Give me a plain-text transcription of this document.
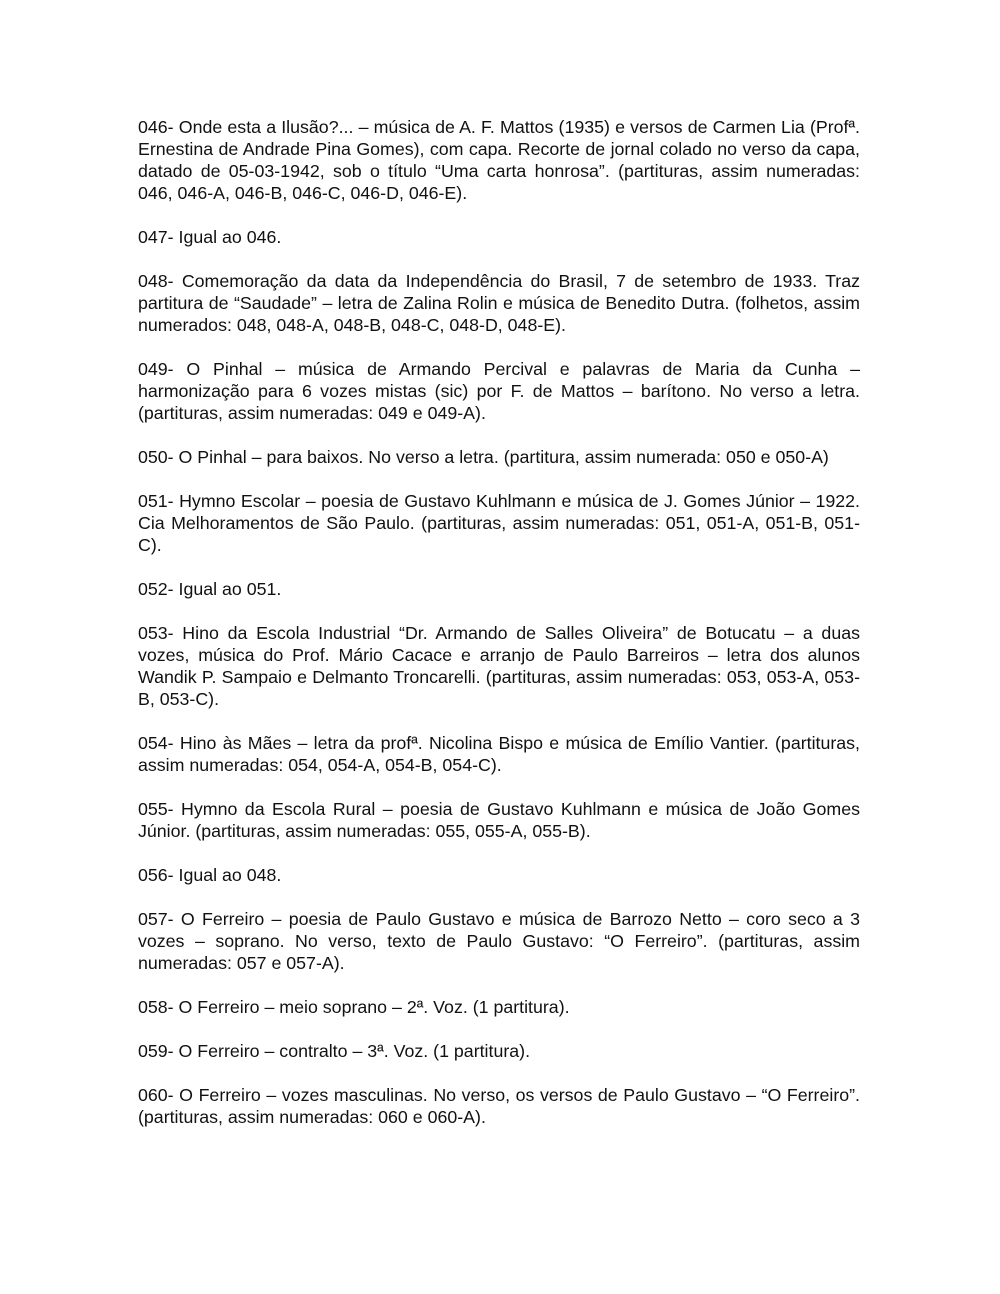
046- Onde esta a Ilusão?... – música de A. F. Mattos (1935) e versos de Carmen Lia (Profª. Ernestina de Andrade Pina Gomes), com capa. Recorte de jornal colado no verso da capa, datado de 05-03-1942, sob o título “Uma carta honrosa”. (partituras, assim numeradas: 046, 046-A, 046-B, 046-C, 046-D, 046-E).

047- Igual ao 046.

048- Comemoração da data da Independência do Brasil, 7 de setembro de 1933. Traz partitura de “Saudade” – letra de Zalina Rolin e música de Benedito Dutra. (folhetos, assim numerados: 048, 048-A, 048-B, 048-C, 048-D, 048-E).

049- O Pinhal – música de Armando Percival e palavras de Maria da Cunha – harmonização para 6 vozes mistas (sic) por F. de Mattos – barítono. No verso a letra. (partituras, assim numeradas: 049 e 049-A).

050- O Pinhal – para baixos. No verso a letra. (partitura, assim numerada: 050 e 050-A)

051- Hymno Escolar – poesia de Gustavo Kuhlmann e música de J. Gomes Júnior – 1922. Cia Melhoramentos de São Paulo. (partituras, assim numeradas: 051, 051-A, 051-B, 051-C).

052- Igual ao 051.

053- Hino da Escola Industrial “Dr. Armando de Salles Oliveira” de Botucatu – a duas vozes, música do Prof. Mário Cacace e arranjo de Paulo Barreiros – letra dos alunos Wandik P. Sampaio e Delmanto Troncarelli. (partituras, assim numeradas: 053, 053-A, 053-B, 053-C).

054- Hino às Mães – letra da profª. Nicolina Bispo e música de Emílio Vantier. (partituras, assim numeradas: 054, 054-A, 054-B, 054-C).

055- Hymno da Escola Rural – poesia de Gustavo Kuhlmann e música de João Gomes Júnior. (partituras, assim numeradas: 055, 055-A, 055-B).

056- Igual ao 048.

057- O Ferreiro – poesia de Paulo Gustavo e música de Barrozo Netto – coro seco a 3 vozes – soprano. No verso, texto de Paulo Gustavo: “O Ferreiro”. (partituras, assim numeradas: 057 e 057-A).

058- O Ferreiro – meio soprano – 2ª. Voz. (1 partitura).

059- O Ferreiro – contralto – 3ª. Voz. (1 partitura).

060- O Ferreiro – vozes masculinas. No verso, os versos de Paulo Gustavo – “O Ferreiro”. (partituras, assim numeradas: 060 e 060-A).
